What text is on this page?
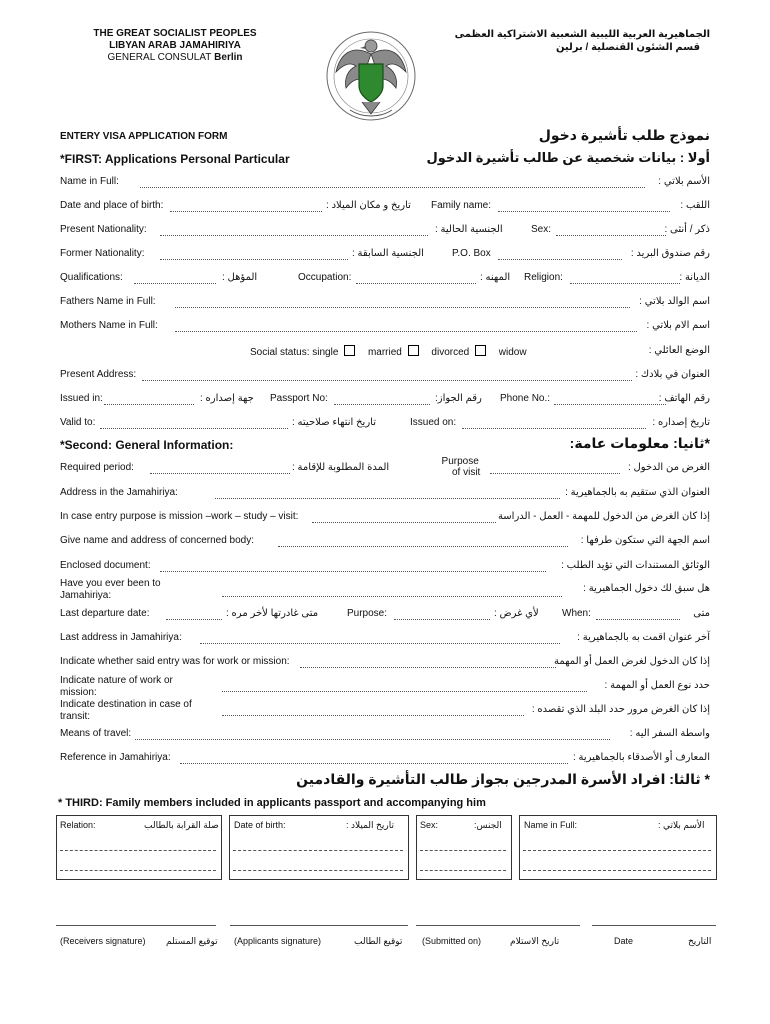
THE GREAT SOCIALIST PEOPLES
LIBYAN ARAB JAMAHIRIYA
GENERAL CONSULAT Berlin
الجماهيرية العربية الليبية الشعبية الاشتراكية العظمى
قسم الشئون القنصلية / برلين
ENTERY VISA APPLICATION FORM	نموذج طلب تأشيرة دخول
*FIRST: Applications Personal Particular	أولا : بيانات شخصية عن طالب تأشيرة الدخول
Name in Full:	الأسم بلاتي :
Date and place of birth:	: تاريخ و مكان الميلاد Family name:	اللقب :
Present Nationality:	الجنسية الحالية :	Sex:	ذكر / أنثى :
Former Nationality:	الجنسية السابقة :	P.O. Box	رقم صندوق البريد :
Qualifications:	المؤهل :	Occupation:	المهنه : Religion:	الديانة :
Fathers Name in Full:	اسم الوالد بلاتي :
Mothers Name in Full:	اسم الام بلاتي :
Social status: single	married	divorced	widow	الوضع العائلي :
Present Address:	العنوان في بلادك :
Issued in:	جهة إصداره : Passport No:	رقم الجواز: Phone No.:	رقم الهاتف :
Valid to:	تاريخ انتهاء صلاحيته :	Issued on:	تاريخ إصداره :
*Second: General Information:	*ثانيا: معلومات عامة:
Required period:	المدة المطلوبة للإقامة :
Purpose
of visit	الغرض من الدخول :
Address in the Jamahiriya:	العنوان الذي ستقيم به بالجماهيرية :
In case entry purpose is mission –work – study – visit:	إذا كان الغرض من الدخول للمهمة - العمل - الدراسة
Give name and address of concerned body:	اسم الجهة التي ستكون طرفها :
Enclosed document:	الوثائق المستندات التي تؤيد الطلب :
Have you ever been to
Jamahiriya:
هل سبق لك دخول الجماهيرية :
Last departure date:	متى غادرتها لأخر مره :	Purpose:	لأي غرض : When:	متى
Last address in Jamahiriya:	آخر عنوان اقمت به بالجماهيرية :
Indicate whether said entry was for work or mission:	إذا كان الدخول لغرض العمل أو المهمة
Indicate nature of work or
mission:
حدد نوع العمل أو المهمة :
Indicate destination in case of
transit:
إذا كان الغرض مرور حدد البلد الذي تقصده :
Means of travel:	واسطة السفر اليه :
Reference in Jamahiriya:	المعارف أو الأصدقاء بالجماهيرية :
* ثالثا: افراد الأسرة المدرجين بجواز طالب التأشيرة والقادمين
* THIRD: Family members included in applicants passport and accompanying him
Relation:	صلة القرابة بالطالب Date of birth:	تاريخ الميلاد :	Sex:	الجنس: Name in Full:	الأسم بلاتي :
(Receivers signature) توقيع المستلم (Applicants signature)	توقيع الطالب (Submitted on)	تاريخ الاستلام	Date	التاريخ
